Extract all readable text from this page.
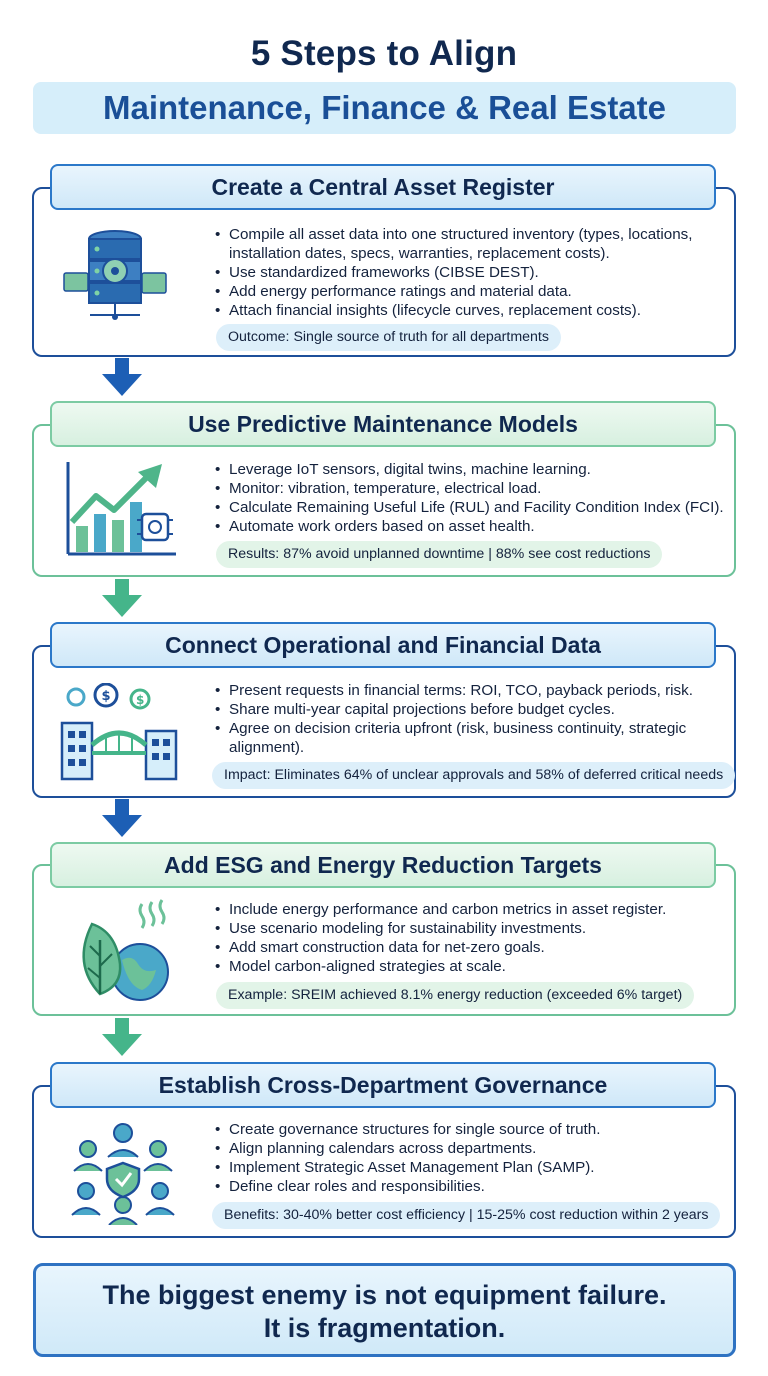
5 Steps to Align
Maintenance, Finance & Real Estate
• Compile all asset data into one structured inventory (types, locations, installation dates, specs, warranties, replacement costs).
• Use standardized frameworks (CIBSE DEST).
• Add energy performance ratings and material data.
• Attach financial insights (lifecycle curves, replacement costs).
Outcome: Single source of truth for all departments
Create a Central Asset Register
• Leverage IoT sensors, digital twins, machine learning.
• Monitor: vibration, temperature, electrical load.
• Calculate Remaining Useful Life (RUL) and Facility Condition Index (FCI).
• Automate work orders based on asset health.
Results: 87% avoid unplanned downtime | 88% see cost reductions
Use Predictive Maintenance Models
$ $
• Present requests in financial terms: ROI, TCO, payback periods, risk.
• Share multi-year capital projections before budget cycles.
• Agree on decision criteria upfront (risk, business continuity, strategic alignment).
Impact: Eliminates 64% of unclear approvals and 58% of deferred critical needs
Connect Operational and Financial Data
• Include energy performance and carbon metrics in asset register.
• Use scenario modeling for sustainability investments.
• Add smart construction data for net-zero goals.
• Model carbon-aligned strategies at scale.
Example: SREIM achieved 8.1% energy reduction (exceeded 6% target)
Add ESG and Energy Reduction Targets
• Create governance structures for single source of truth.
• Align planning calendars across departments.
• Implement Strategic Asset Management Plan (SAMP).
• Define clear roles and responsibilities.
Benefits: 30-40% better cost efficiency | 15-25% cost reduction within 2 years
Establish Cross-Department Governance
The biggest enemy is not equipment failure.
It is fragmentation.
